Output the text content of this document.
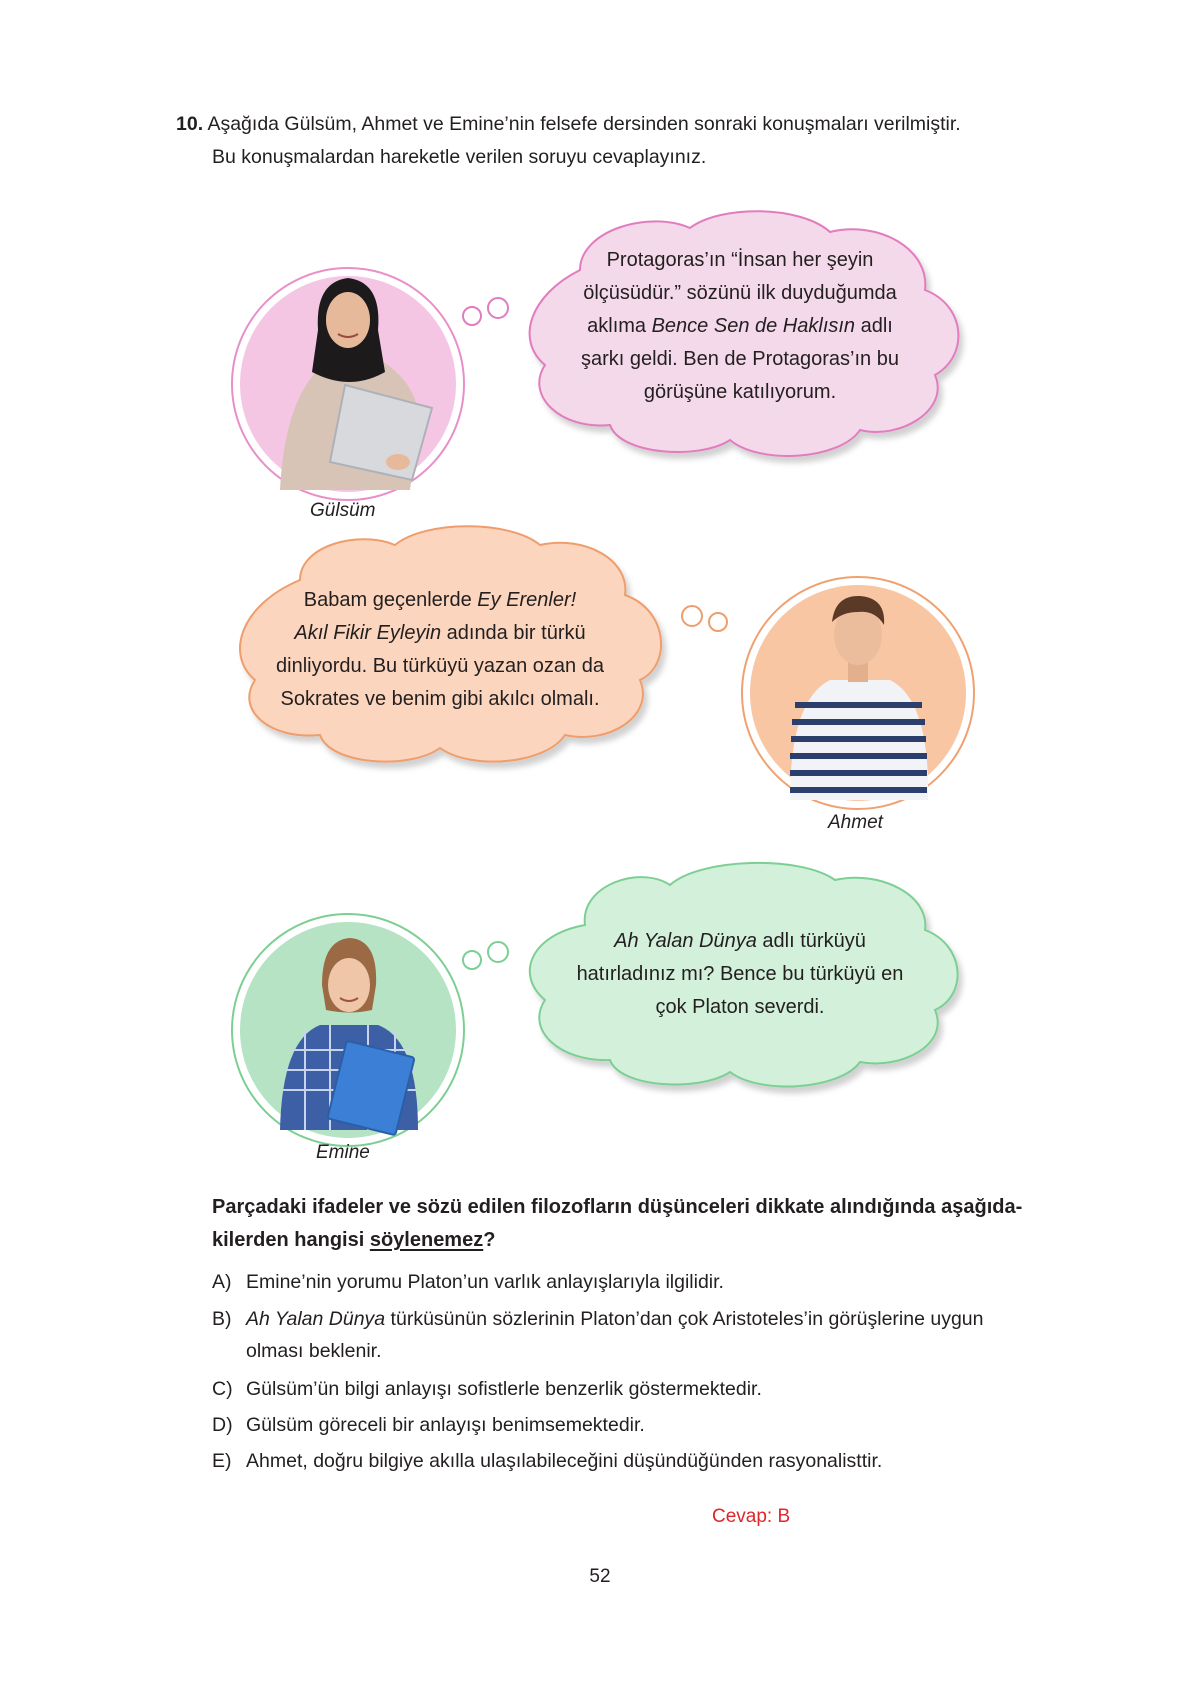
10. Aşağıda Gülsüm, Ahmet ve Emine’nin felsefe dersinden sonraki konuşmaları verilmiştir.
Bu konuşmalardan hareketle verilen soruyu cevaplayınız.
Protagoras’ın “İnsan her şeyin
ölçüsüdür.” sözünü ilk duyduğumda
aklıma Bence Sen de Haklısın adlı
şarkı geldi. Ben de Protagoras’ın bu
görüşüne katılıyorum.
Babam geçenlerde Ey Erenler!
Akıl Fikir Eyleyin adında bir türkü
dinliyordu. Bu türküyü yazan ozan da
Sokrates ve benim gibi akılcı olmalı.
Ah Yalan Dünya adlı türküyü
hatırladınız mı? Bence bu türküyü en
çok Platon severdi.
Gülsüm
Ahmet
Emine
Parçadaki ifadeler ve sözü edilen filozofların düşünceleri dikkate alındığında aşağıda-
kilerden hangisi söylenemez?
A) Emine’nin yorumu Platon’un varlık anlayışlarıyla ilgilidir.
B) Ah Yalan Dünya türküsünün sözlerinin Platon’dan çok Aristoteles’in görüşlerine uygun
olması beklenir.
C) Gülsüm’ün bilgi anlayışı sofistlerle benzerlik göstermektedir.
D) Gülsüm göreceli bir anlayışı benimsemektedir.
E) Ahmet, doğru bilgiye akılla ulaşılabileceğini düşündüğünden rasyonalisttir.
Cevap: B
52
